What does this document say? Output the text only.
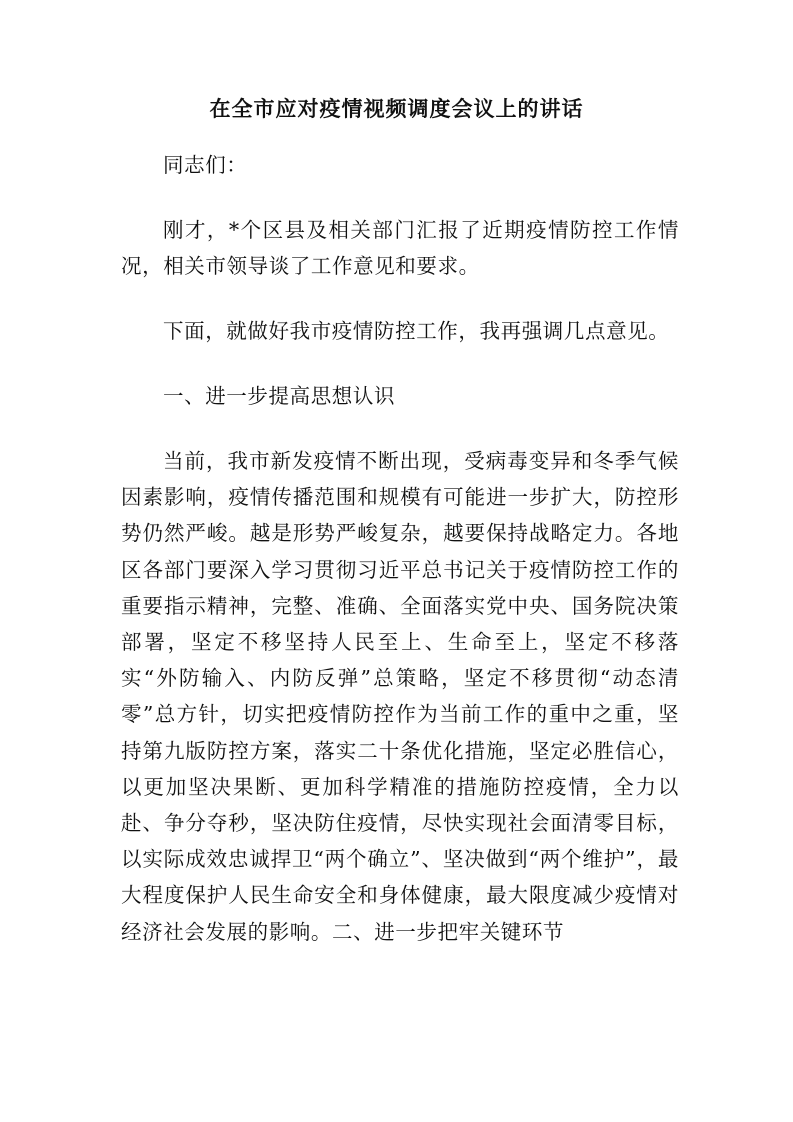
在全市应对疫情视频调度会议上的讲话

同志们：

刚才，*个区县及相关部门汇报了近期疫情防控工作情况，相关市领导谈了工作意见和要求。

下面，就做好我市疫情防控工作，我再强调几点意见。

一、进一步提高思想认识

当前，我市新发疫情不断出现，受病毒变异和冬季气候因素影响，疫情传播范围和规模有可能进一步扩大，防控形势仍然严峻。越是形势严峻复杂，越要保持战略定力。各地区各部门要深入学习贯彻习近平总书记关于疫情防控工作的重要指示精神，完整、准确、全面落实党中央、国务院决策部署，坚定不移坚持人民至上、生命至上，坚定不移落实“外防输入、内防反弹”总策略，坚定不移贯彻“动态清零”总方针，切实把疫情防控作为当前工作的重中之重，坚持第九版防控方案，落实二十条优化措施，坚定必胜信心，以更加坚决果断、更加科学精准的措施防控疫情，全力以赴、争分夺秒，坚决防住疫情，尽快实现社会面清零目标，以实际成效忠诚捍卫“两个确立”、坚决做到“两个维护”，最大程度保护人民生命安全和身体健康，最大限度减少疫情对经济社会发展的影响。二、进一步把牢关键环节
